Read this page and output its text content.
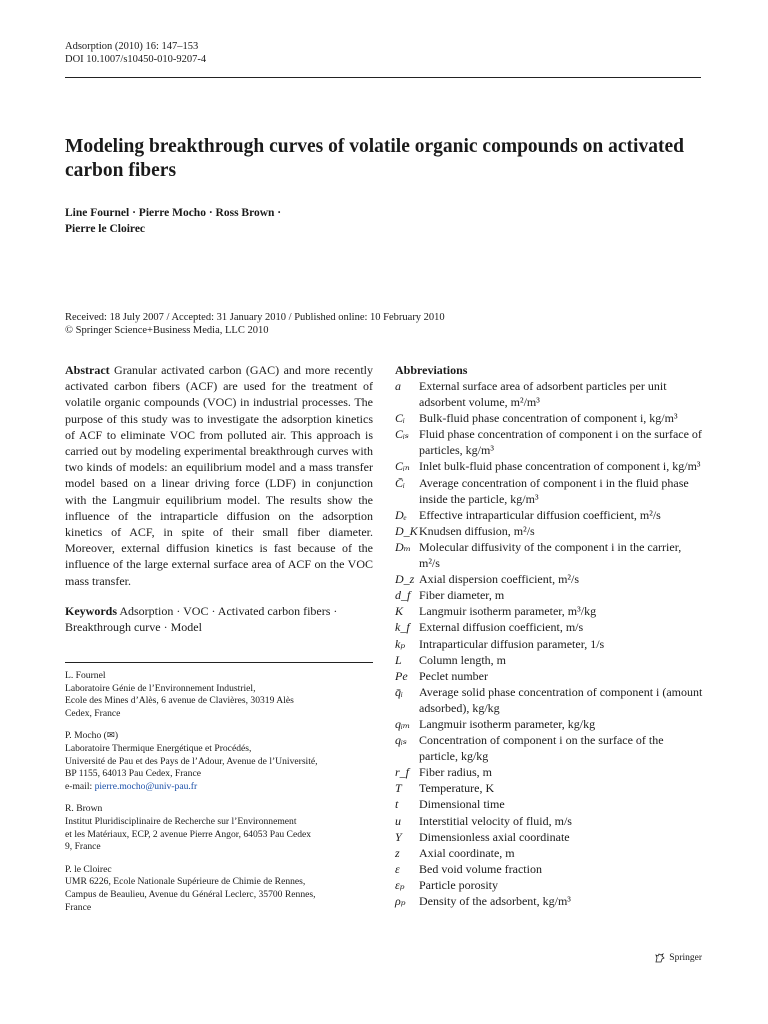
Adsorption (2010) 16: 147–153
DOI 10.1007/s10450-010-9207-4
Modeling breakthrough curves of volatile organic compounds on activated carbon fibers
Line Fournel · Pierre Mocho · Ross Brown ·
Pierre le Cloirec
Received: 18 July 2007 / Accepted: 31 January 2010 / Published online: 10 February 2010
© Springer Science+Business Media, LLC 2010
Abstract Granular activated carbon (GAC) and more recently activated carbon fibers (ACF) are used for the treatment of volatile organic compounds (VOC) in industrial processes. The purpose of this study was to investigate the adsorption kinetics of ACF to eliminate VOC from polluted air. This approach is carried out by modeling experimental breakthrough curves with two kinds of models: an equilibrium model and a mass transfer model based on a linear driving force (LDF) in conjunction with the Langmuir equilibrium model. The results show the influence of the intraparticle diffusion on the adsorption kinetics of ACF, in spite of their small fiber diameter. Moreover, external diffusion kinetics is fast because of the influence of the large external surface area of ACF on the VOC mass transfer.
Keywords Adsorption · VOC · Activated carbon fibers · Breakthrough curve · Model
L. Fournel
Laboratoire Génie de l’Environnement Industriel,
Ecole des Mines d’Alès, 6 avenue de Clavières, 30319 Alès
Cedex, France
P. Mocho (✉)
Laboratoire Thermique Energétique et Procédés,
Université de Pau et des Pays de l’Adour, Avenue de l’Université,
BP 1155, 64013 Pau Cedex, France
e-mail: pierre.mocho@univ-pau.fr
R. Brown
Institut Pluridisciplinaire de Recherche sur l’Environnement
et les Matériaux, ECP, 2 avenue Pierre Angor, 64053 Pau Cedex
9, France
P. le Cloirec
UMR 6226, Ecole Nationale Supérieure de Chimie de Rennes,
Campus de Beaulieu, Avenue du Général Leclerc, 35700 Rennes,
France
Abbreviations
a	External surface area of adsorbent particles per unit adsorbent volume, m²/m³
Cᵢ	Bulk-fluid phase concentration of component i, kg/m³
Cᵢₛ Fluid phase concentration of component i on the surface of particles, kg/m³
Cᵢₙ Inlet bulk-fluid phase concentration of component i, kg/m³
C̄ᵢ	Average concentration of component i in the fluid phase inside the particle, kg/m³
Dₑ	Effective intraparticular diffusion coefficient, m²/s
D_K Knudsen diffusion, m²/s
Dₘ Molecular diffusivity of the component i in the carrier, m²/s
D_z Axial dispersion coefficient, m²/s
d_f Fiber diameter, m
K	Langmuir isotherm parameter, m³/kg
k_f External diffusion coefficient, m/s
kₚ	Intraparticular diffusion parameter, 1/s
L	Column length, m
Pe Peclet number
q̄ᵢ	Average solid phase concentration of component i (amount adsorbed), kg/kg
qᵢₘ Langmuir isotherm parameter, kg/kg
qᵢₛ	Concentration of component i on the surface of the particle, kg/kg
r_f Fiber radius, m
T	Temperature, K
t	Dimensional time
u	Interstitial velocity of fluid, m/s
Y	Dimensionless axial coordinate
z	Axial coordinate, m
ε	Bed void volume fraction
εₚ	Particle porosity
ρₚ	Density of the adsorbent, kg/m³
Springer
